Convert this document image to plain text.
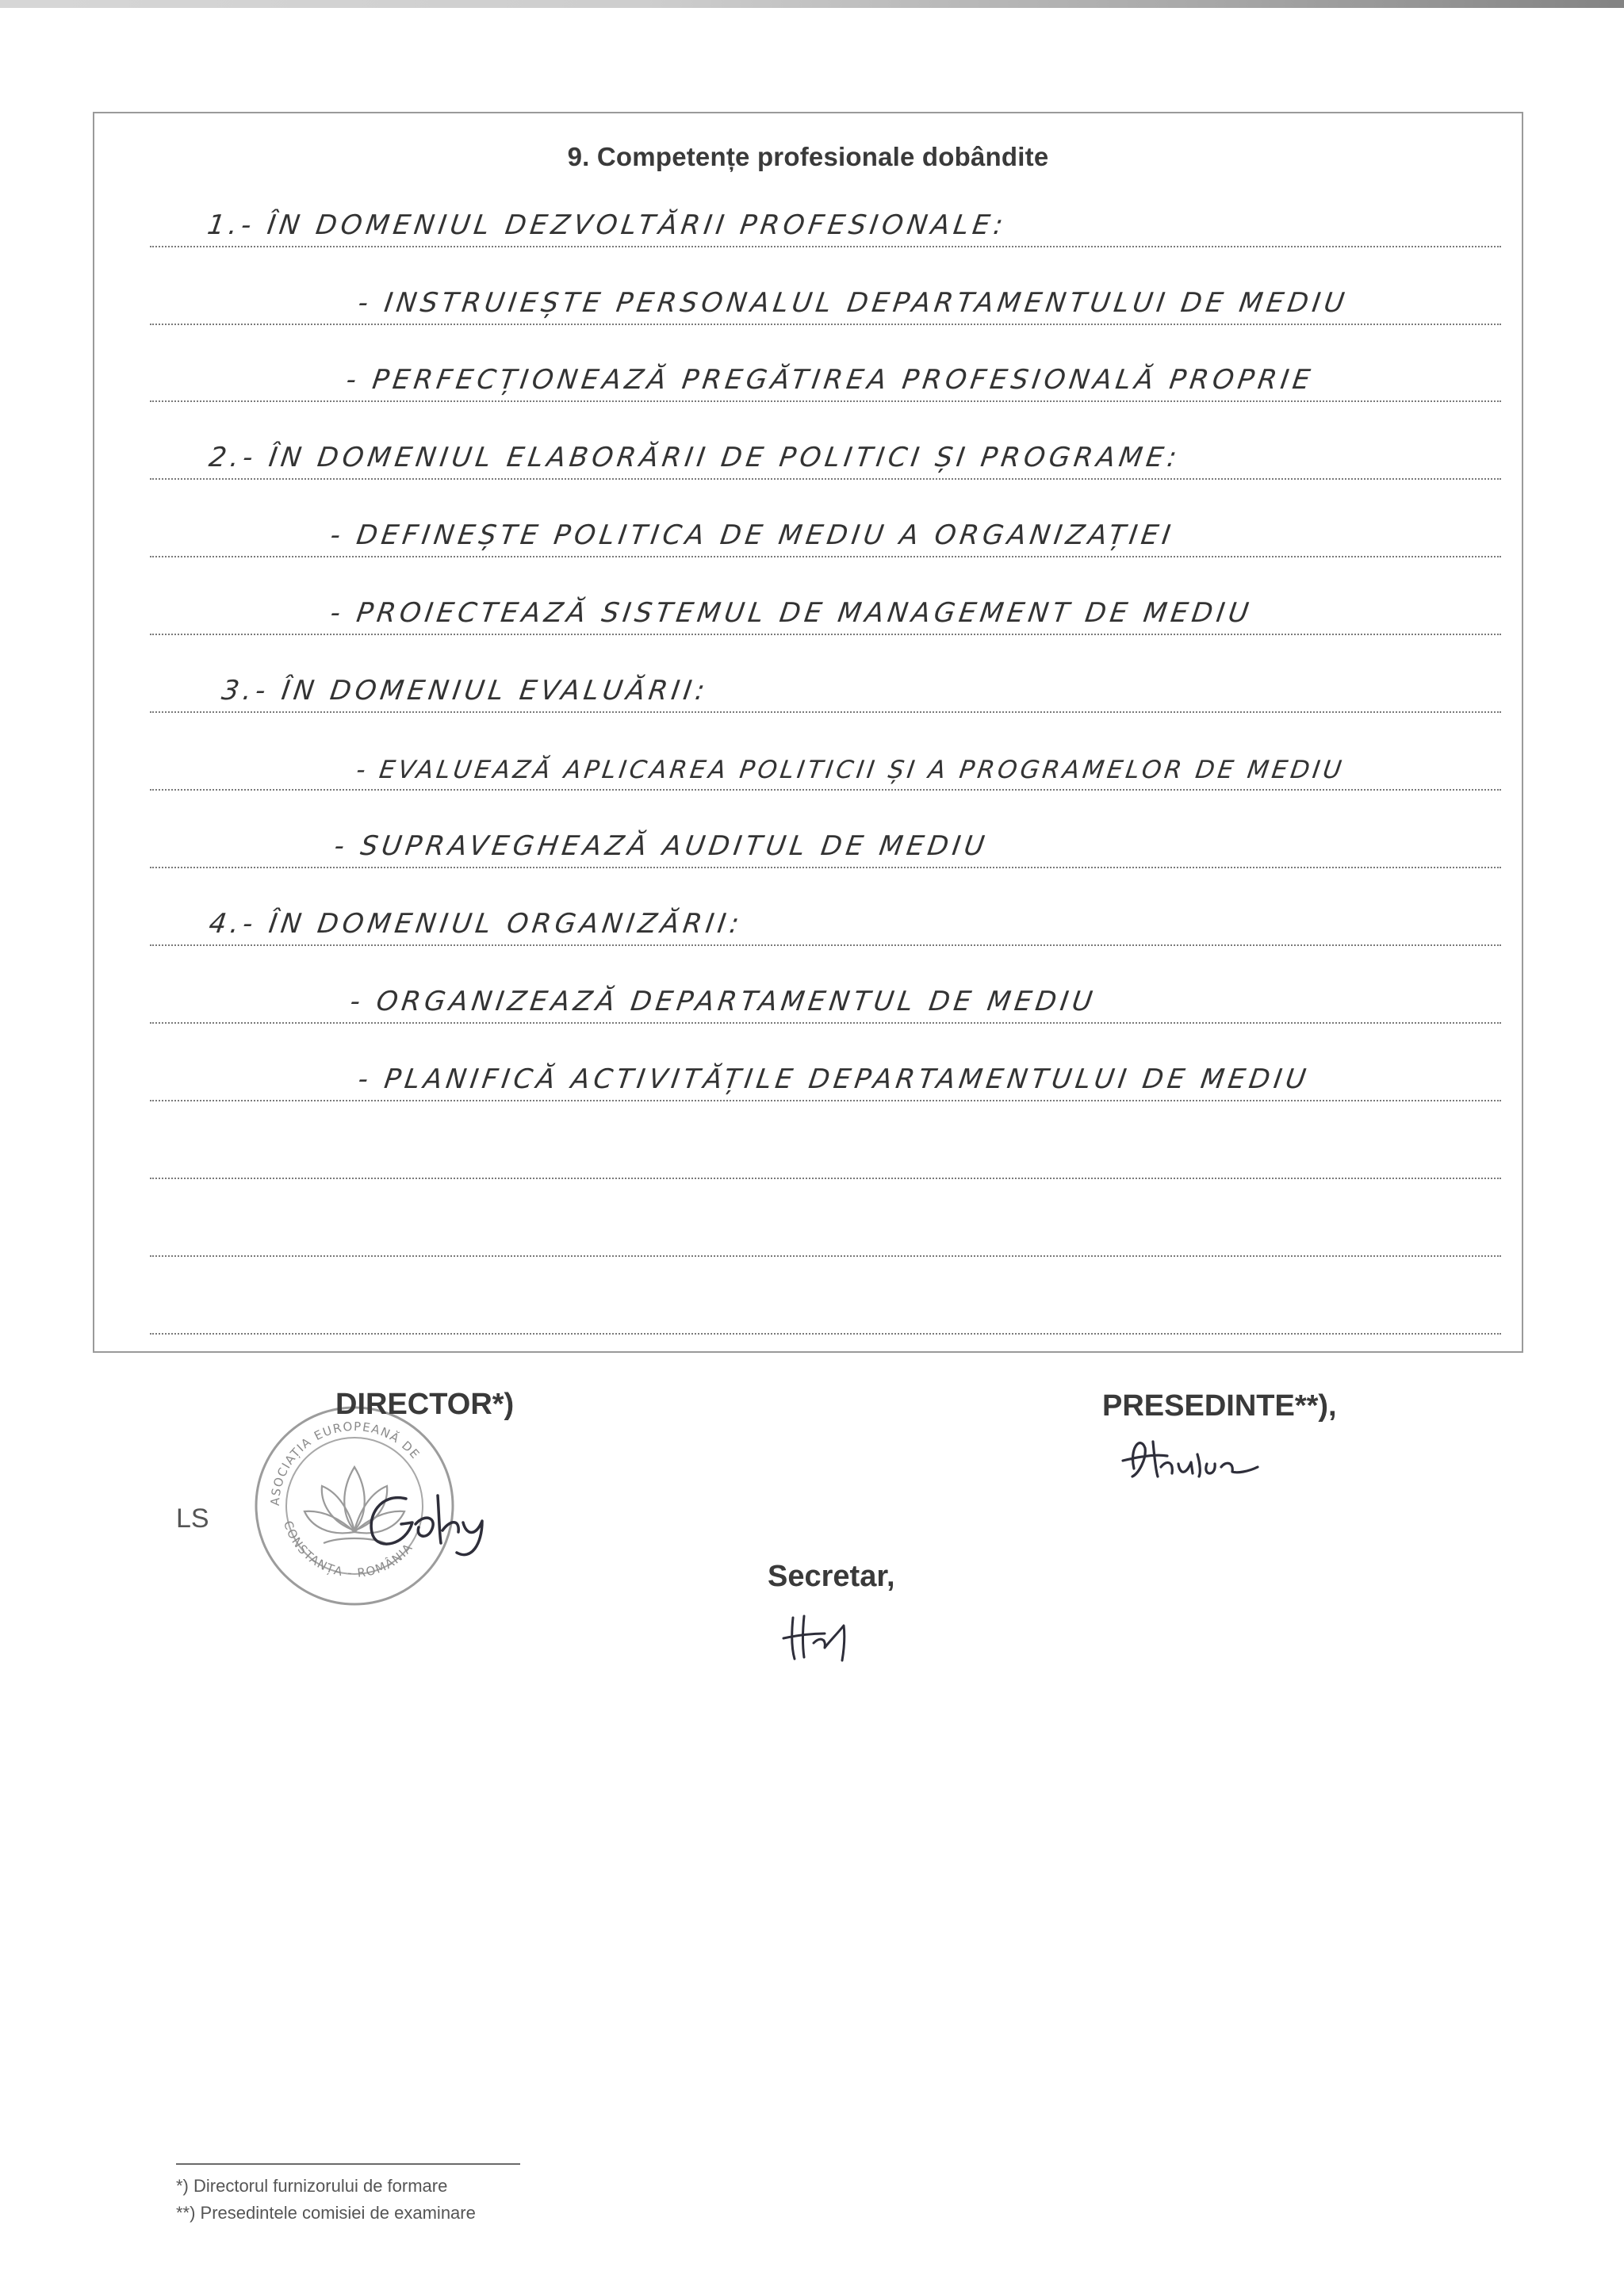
9. Competențe profesionale dobândite
1.- ÎN DOMENIUL DEZVOLTĂRII PROFESIONALE:
- INSTRUIEȘTE PERSONALUL DEPARTAMENTULUI DE MEDIU
- PERFECȚIONEAZĂ PREGĂTIREA PROFESIONALĂ PROPRIE
2.- ÎN DOMENIUL ELABORĂRII DE POLITICI ȘI PROGRAME:
- DEFINEȘTE POLITICA DE MEDIU A ORGANIZAȚIEI
- PROIECTEAZĂ SISTEMUL DE MANAGEMENT DE MEDIU
3.- ÎN DOMENIUL EVALUĂRII:
- EVALUEAZĂ APLICAREA POLITICII ȘI A PROGRAMELOR DE MEDIU
- SUPRAVEGHEAZĂ AUDITUL DE MEDIU
4.- ÎN DOMENIUL ORGANIZĂRII:
- ORGANIZEAZĂ DEPARTAMENTUL DE MEDIU
- PLANIFICĂ ACTIVITĂȚILE DEPARTAMENTULUI DE MEDIU
LS
ASOCIAȚIA EUROPEANĂ DE
CONSTANȚA - ROMÂNIA
DIRECTOR*)	PRESEDINTE**),
Secretar,
*) Directorul furnizorului de formare
**) Presedintele comisiei de examinare
